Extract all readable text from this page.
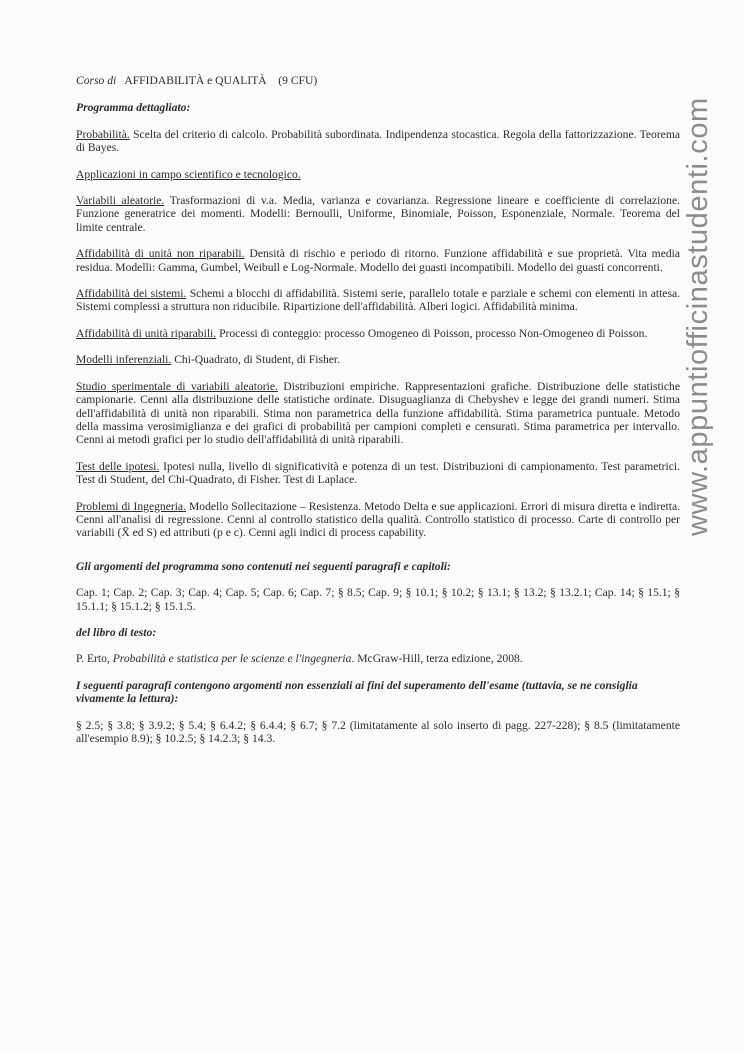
Corso di AFFIDABILITÀ e QUALITÀ (9 CFU)

Programma dettagliato:

Probabilità. Scelta del criterio di calcolo. Probabilità subordinata. Indipendenza stocastica. Regola della fattorizzazione. Teorema di Bayes.

Applicazioni in campo scientifico e tecnologico.

Variabili aleatorie. Trasformazioni di v.a. Media, varianza e covarianza. Regressione lineare e coefficiente di correlazione. Funzione generatrice dei momenti. Modelli: Bernoulli, Uniforme, Binomiale, Poisson, Esponenziale, Normale. Teorema del limite centrale.

Affidabilità di unità non riparabili. Densità di rischio e periodo di ritorno. Funzione affidabilità e sue proprietà. Vita media residua. Modelli: Gamma, Gumbel, Weibull e Log-Normale. Modello dei guasti incompatibili. Modello dei guasti concorrenti.

Affidabilità dei sistemi. Schemi a blocchi di affidabilità. Sistemi serie, parallelo totale e parziale e schemi con elementi in attesa. Sistemi complessi a struttura non riducibile. Ripartizione dell'affidabilità. Alberi logici. Affidabilità minima.

Affidabilità di unità riparabili. Processi di conteggio: processo Omogeneo di Poisson, processo Non-Omogeneo di Poisson.

Modelli inferenziali. Chi-Quadrato, di Student, di Fisher.

Studio sperimentale di variabili aleatorie. Distribuzioni empiriche. Rappresentazioni grafiche. Distribuzione delle statistiche campionarie. Cenni alla distribuzione delle statistiche ordinate. Disuguaglianza di Chebyshev e legge dei grandi numeri. Stima dell'affidabilità di unità non riparabili. Stima non parametrica della funzione affidabilità. Stima parametrica puntuale. Metodo della massima verosimiglianza e dei grafici di probabilità per campioni completi e censurati. Stima parametrica per intervallo. Cenni ai metodi grafici per lo studio dell'affidabilità di unità riparabili.

Test delle ipotesi. Ipotesi nulla, livello di significatività e potenza di un test. Distribuzioni di campionamento. Test parametrici. Test di Student, del Chi-Quadrato, di Fisher. Test di Laplace.

Problemi di Ingegneria. Modello Sollecitazione – Resistenza. Metodo Delta e sue applicazioni. Errori di misura diretta e indiretta. Cenni all'analisi di regressione. Cenni al controllo statistico della qualità. Controllo statistico di processo. Carte di controllo per variabili (X̄ ed S) ed attributi (p e c). Cenni agli indici di process capability.

Gli argomenti del programma sono contenuti nei seguenti paragrafi e capitoli:

Cap. 1; Cap. 2; Cap. 3; Cap. 4; Cap. 5; Cap. 6; Cap. 7; § 8.5; Cap. 9; § 10.1; § 10.2; § 13.1; § 13.2; § 13.2.1; Cap. 14; § 15.1; § 15.1.1; § 15.1.2; § 15.1.5.

del libro di testo:

P. Erto, Probabilità e statistica per le scienze e l'ingegneria. McGraw-Hill, terza edizione, 2008.

I seguenti paragrafi contengono argomenti non essenziali ai fini del superamento dell'esame (tuttavia, se ne consiglia vivamente la lettura):

§ 2.5; § 3.8; § 3.9.2; § 5.4; § 6.4.2; § 6.4.4; § 6.7; § 7.2 (limitatamente al solo inserto di pagg. 227-228); § 8.5 (limitatamente all'esempio 8.9); § 10.2.5; § 14.2.3; § 14.3.

www.appuntiofficinastudenti.com
